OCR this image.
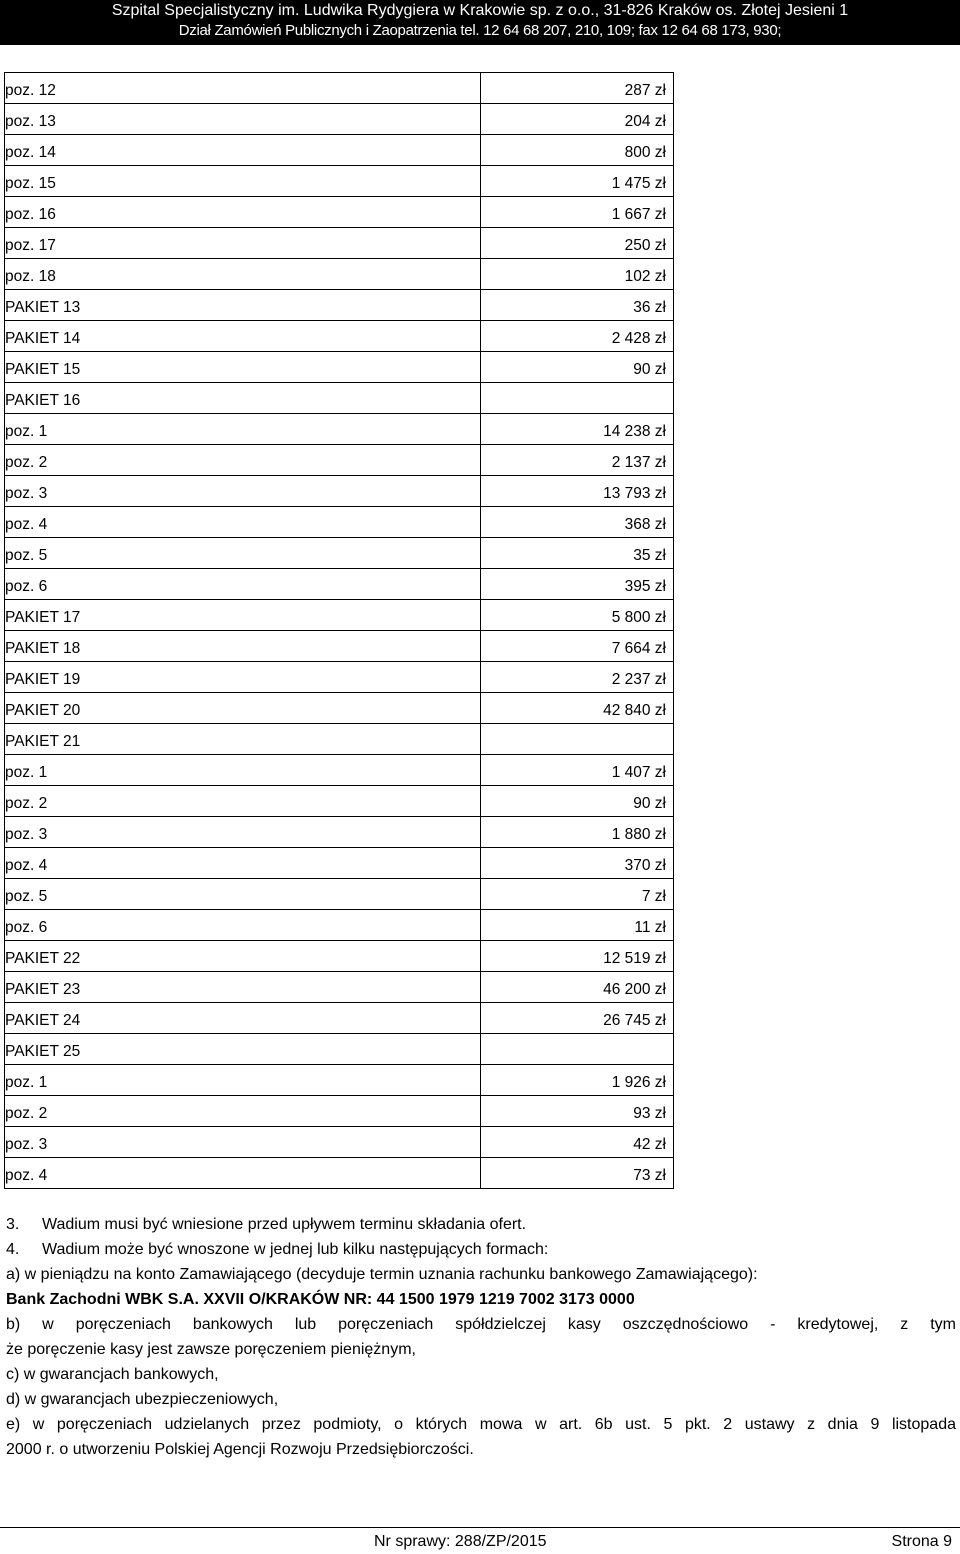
Szpital Specjalistyczny im. Ludwika Rydygiera w Krakowie sp. z o.o., 31-826 Kraków os. Złotej Jesieni 1
Dział Zamówień Publicznych i Zaopatrzenia tel. 12 64 68 207, 210, 109; fax 12 64 68 173, 930;
poz. 12	287 zł
poz. 13	204 zł
poz. 14	800 zł
poz. 15	1 475 zł
poz. 16	1 667 zł
poz. 17	250 zł
poz. 18	102 zł
PAKIET 13	36 zł
PAKIET 14	2 428 zł
PAKIET 15	90 zł
PAKIET 16	
poz. 1	14 238 zł
poz. 2	2 137 zł
poz. 3	13 793 zł
poz. 4	368 zł
poz. 5	35 zł
poz. 6	395 zł
PAKIET 17	5 800 zł
PAKIET 18	7 664 zł
PAKIET 19	2 237 zł
PAKIET 20	42 840 zł
PAKIET 21	
poz. 1	1 407 zł
poz. 2	90 zł
poz. 3	1 880 zł
poz. 4	370 zł
poz. 5	7 zł
poz. 6	11 zł
PAKIET 22	12 519 zł
PAKIET 23	46 200 zł
PAKIET 24	26 745 zł
PAKIET 25	
poz. 1	1 926 zł
poz. 2	93 zł
poz. 3	42 zł
poz. 4	73 zł

3. Wadium musi być wniesione przed upływem terminu składania ofert.

4. Wadium może być wnoszone w jednej lub kilku następujących formach:

a) w pieniądzu na konto Zamawiającego (decyduje termin uznania rachunku bankowego Zamawiającego):

Bank Zachodni WBK S.A. XXVII O/KRAKÓW NR: 44 1500 1979 1219 7002 3173 0000

b) w poręczeniach bankowych lub poręczeniach spółdzielczej kasy oszczędnościowo - kredytowej, z tym

że poręczenie kasy jest zawsze poręczeniem pieniężnym,

c) w gwarancjach bankowych,

d) w gwarancjach ubezpieczeniowych,

e) w poręczeniach udzielanych przez podmioty, o których mowa w art. 6b ust. 5 pkt. 2 ustawy z dnia 9 listopada

2000 r. o utworzeniu Polskiej Agencji Rozwoju Przedsiębiorczości.

Nr sprawy: 288/ZP/2015	Strona 9
